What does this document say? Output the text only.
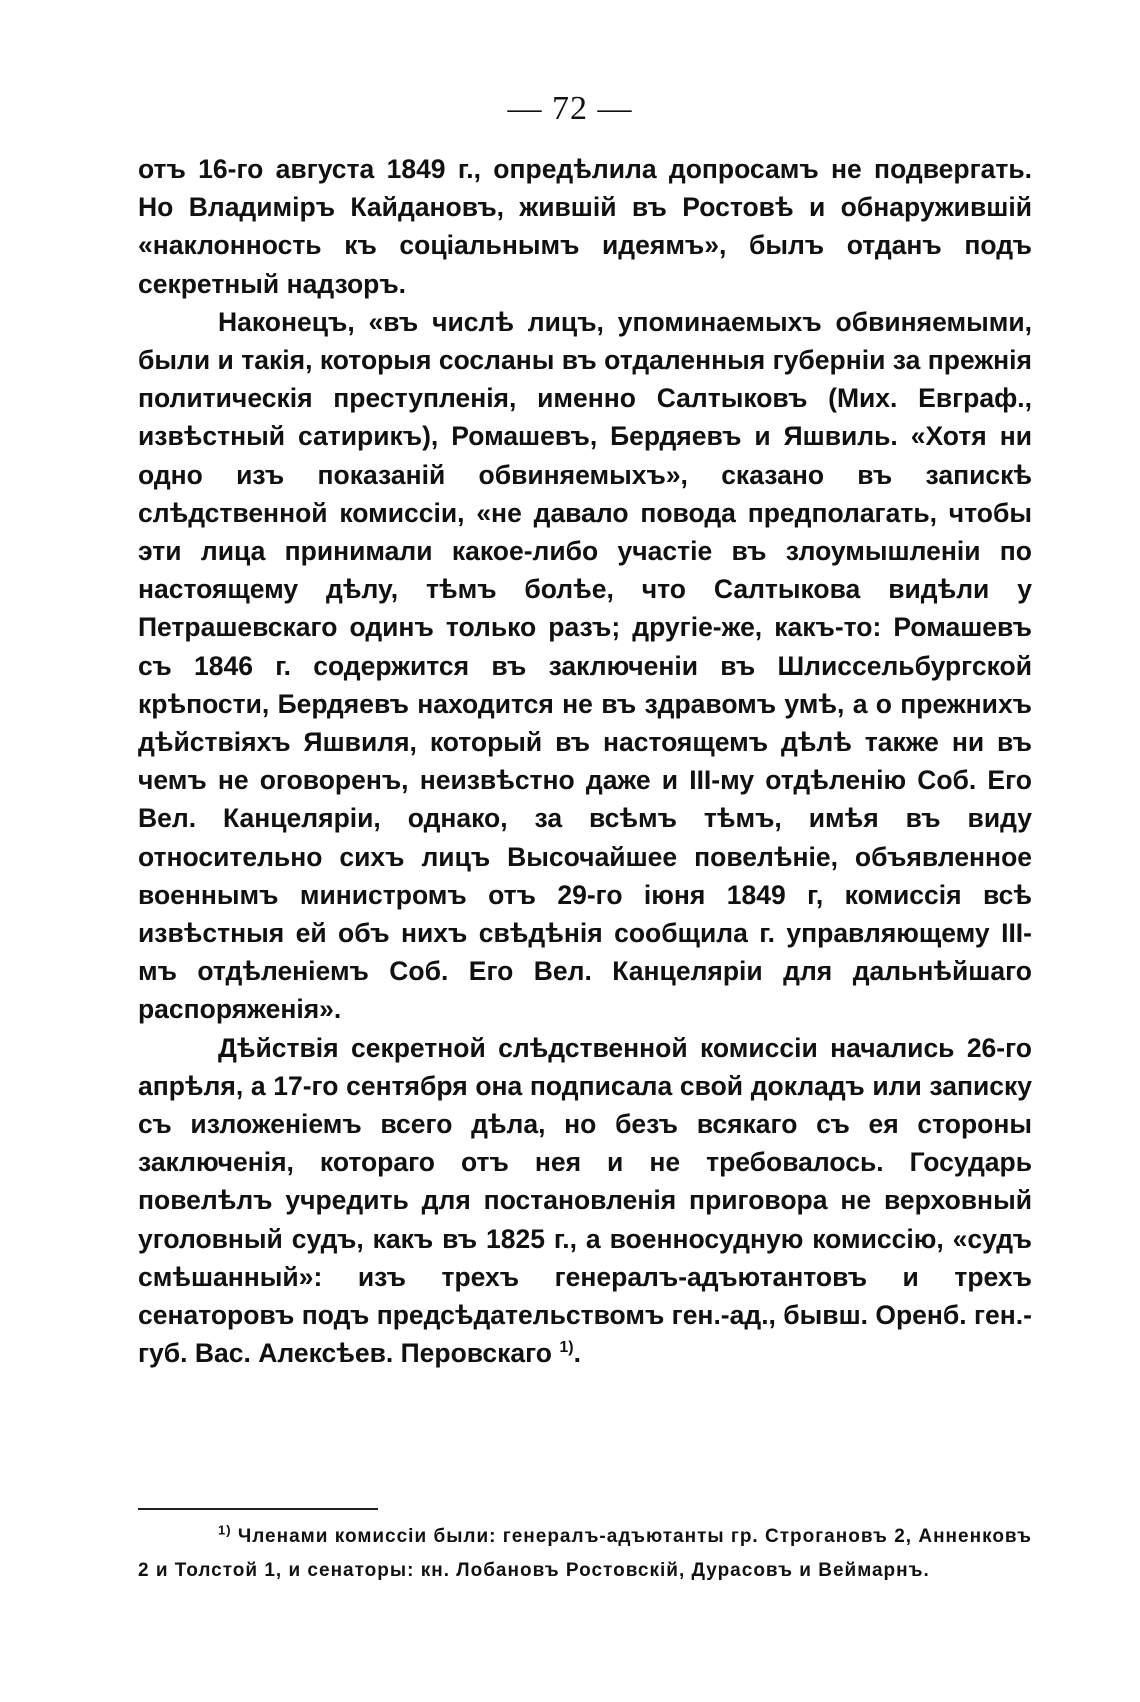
— 72 —

отъ 16-го августа 1849 г., опредѣлила допросамъ не подвергать. Но Владимiръ Кайдановъ, жившiй въ Ростовѣ и обнаружившiй «наклонность къ соцiальнымъ идеямъ», былъ отданъ подъ секретный надзоръ.

Наконецъ, «въ числѣ лицъ, упоминаемыхъ обвиняемыми, были и такiя, которыя сосланы въ отдаленныя губернiи за прежнiя политическiя преступленiя, именно Салтыковъ (Мих. Евграф., извѣстный сатирикъ), Ромашевъ, Бердяевъ и Яшвиль. «Хотя ни одно изъ показанiй обвиняемыхъ», сказано въ запискѣ слѣдственной комиссiи, «не давало повода предполагать, чтобы эти лица принимали какое-либо участiе въ злоумышленiи по настоящему дѣлу, тѣмъ болѣе, что Салтыкова видѣли у Петрашевскаго одинъ только разъ; другiе-же, какъ-то: Ромашевъ съ 1846 г. содержится въ заключенiи въ Шлиссельбургской крѣпости, Бердяевъ находится не въ здравомъ умѣ, а о прежнихъ дѣйствiяхъ Яшвиля, который въ настоящемъ дѣлѣ также ни въ чемъ не оговоренъ, неизвѣстно даже и III-му отдѣленiю Соб. Его Вел. Канцелярiи, однако, за всѣмъ тѣмъ, имѣя въ виду относительно сихъ лицъ Высочайшее повелѣнiе, объявленное военнымъ министромъ отъ 29-го iюня 1849 г, комиссiя всѣ извѣстныя ей объ нихъ свѣдѣнiя сообщила г. управляющему III-мъ отдѣленiемъ Соб. Его Вел. Канцелярiи для дальнѣйшаго распоряженiя».

Дѣйствiя секретной слѣдственной комиссiи начались 26-го апрѣля, а 17-го сентября она подписала свой докладъ или записку съ изложенiемъ всего дѣла, но безъ всякаго съ ея стороны заключенiя, котораго отъ нея и не требовалось. Государь повелѣлъ учредить для постановленiя приговора не верховный уголовный судъ, какъ въ 1825 г., а военносудную комиссiю, «судъ смѣшанный»: изъ трехъ генералъ-адъютантовъ и трехъ сенаторовъ подъ предсѣдательствомъ ген.-ад., бывш. Оренб. ген.-губ. Вас. Алексѣев. Перовскаго $^{1)}$.

$^{1)}$ Членами комиссiи были: генералъ-адъютанты гр. Строгановъ 2, Анненковъ 2 и Толстой 1, и сенаторы: кн. Лобановъ Ростовскiй, Дурасовъ и Веймарнъ.
